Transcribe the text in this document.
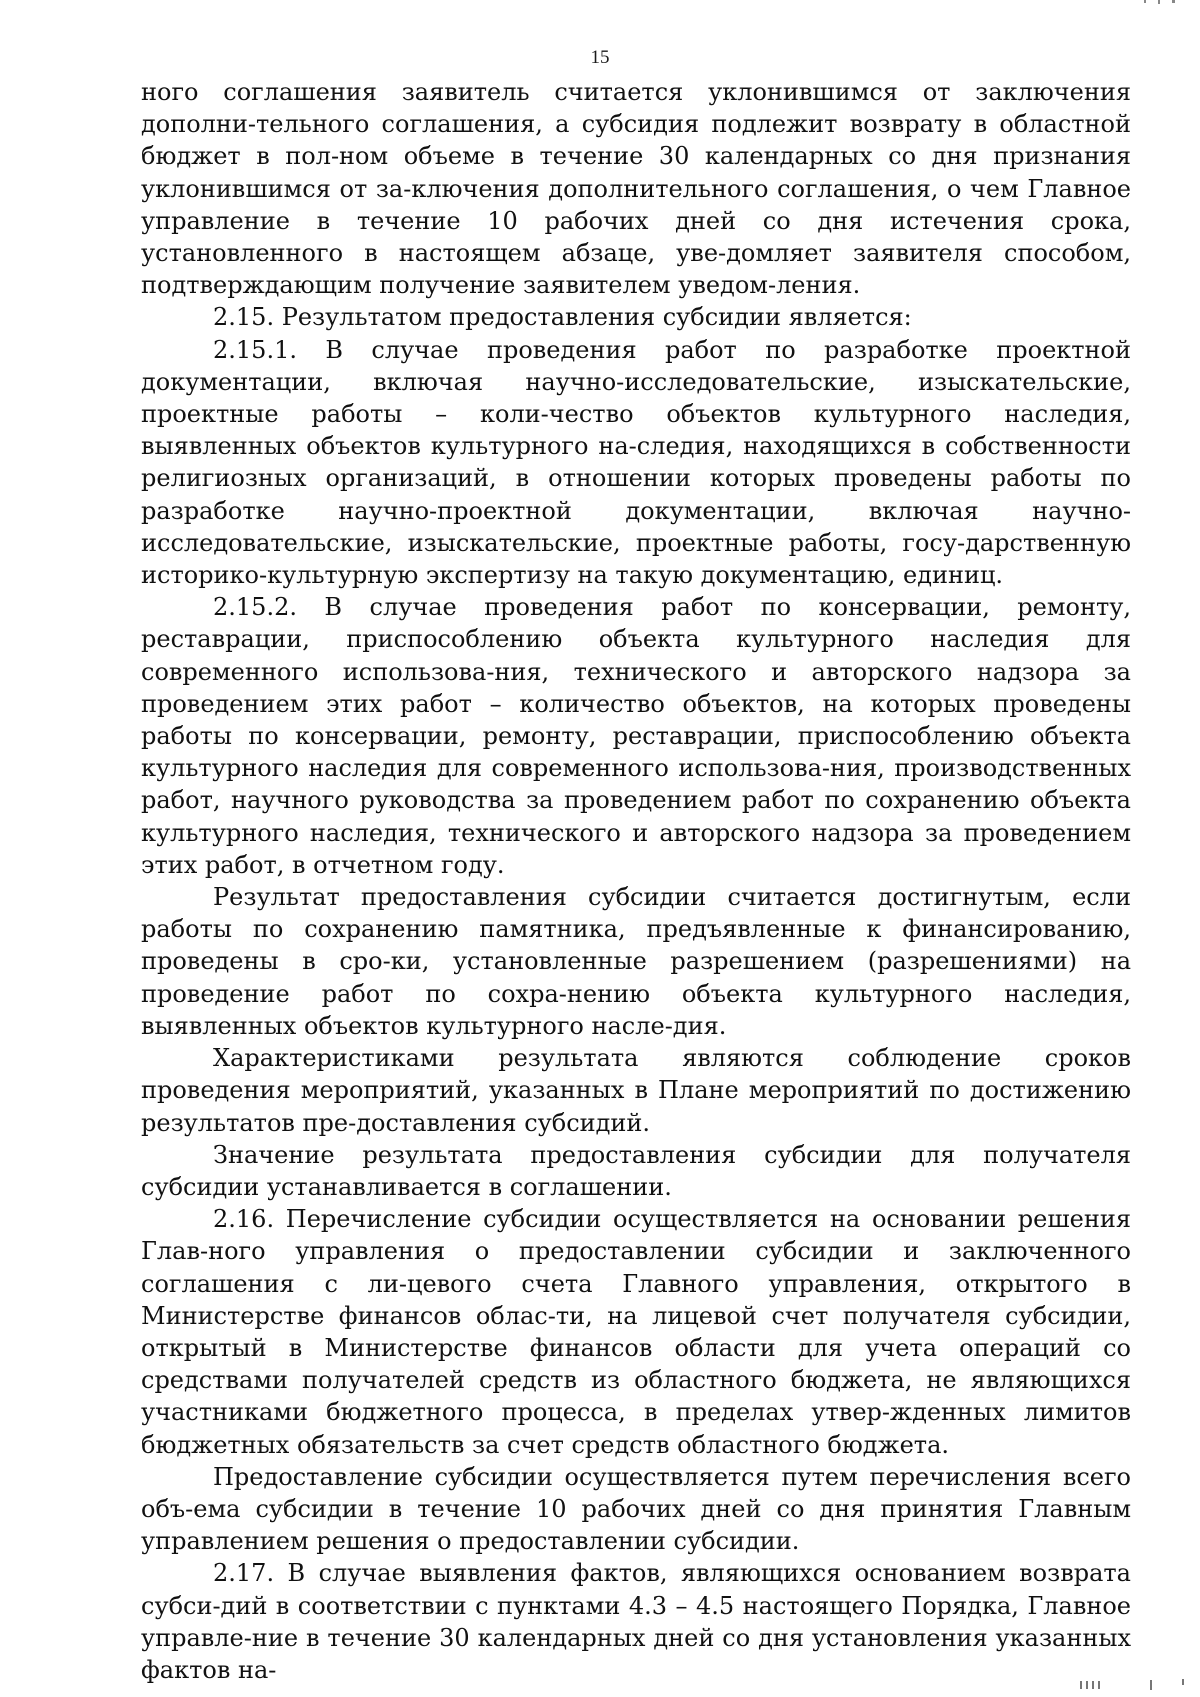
15

ного соглашения заявитель считается уклонившимся от заключения дополни-тельного соглашения, а субсидия подлежит возврату в областной бюджет в пол-ном объеме в течение 30 календарных со дня признания уклонившимся от за-ключения дополнительного соглашения, о чем Главное управление в течение 10 рабочих дней со дня истечения срока, установленного в настоящем абзаце, уве-домляет заявителя способом, подтверждающим получение заявителем уведом-ления.

2.15. Результатом предоставления субсидии является:

2.15.1. В случае проведения работ по разработке проектной документации, включая научно-исследовательские, изыскательские, проектные работы – коли-чество объектов культурного наследия, выявленных объектов культурного на-следия, находящихся в собственности религиозных организаций, в отношении которых проведены работы по разработке научно-проектной документации, включая научно-исследовательские, изыскательские, проектные работы, госу-дарственную историко-культурную экспертизу на такую документацию, единиц.

2.15.2. В случае проведения работ по консервации, ремонту, реставрации, приспособлению объекта культурного наследия для современного использова-ния, технического и авторского надзора за проведением этих работ – количество объектов, на которых проведены работы по консервации, ремонту, реставрации, приспособлению объекта культурного наследия для современного использова-ния, производственных работ, научного руководства за проведением работ по сохранению объекта культурного наследия, технического и авторского надзора за проведением этих работ, в отчетном году.

Результат предоставления субсидии считается достигнутым, если работы по сохранению памятника, предъявленные к финансированию, проведены в сро-ки, установленные разрешением (разрешениями) на проведение работ по сохра-нению объекта культурного наследия, выявленных объектов культурного насле-дия.

Характеристиками результата являются соблюдение сроков проведения мероприятий, указанных в Плане мероприятий по достижению результатов пре-доставления субсидий.

Значение результата предоставления субсидии для получателя субсидии устанавливается в соглашении.

2.16. Перечисление субсидии осуществляется на основании решения Глав-ного управления о предоставлении субсидии и заключенного соглашения с ли-цевого счета Главного управления, открытого в Министерстве финансов облас-ти, на лицевой счет получателя субсидии, открытый в Министерстве финансов области для учета операций со средствами получателей средств из областного бюджета, не являющихся участниками бюджетного процесса, в пределах утвер-жденных лимитов бюджетных обязательств за счет средств областного бюджета.

Предоставление субсидии осуществляется путем перечисления всего объ-ема субсидии в течение 10 рабочих дней со дня принятия Главным управлением решения о предоставлении субсидии.

2.17. В случае выявления фактов, являющихся основанием возврата субси-дий в соответствии с пунктами 4.3 – 4.5 настоящего Порядка, Главное управле-ние в течение 30 календарных дней со дня установления указанных фактов на-
